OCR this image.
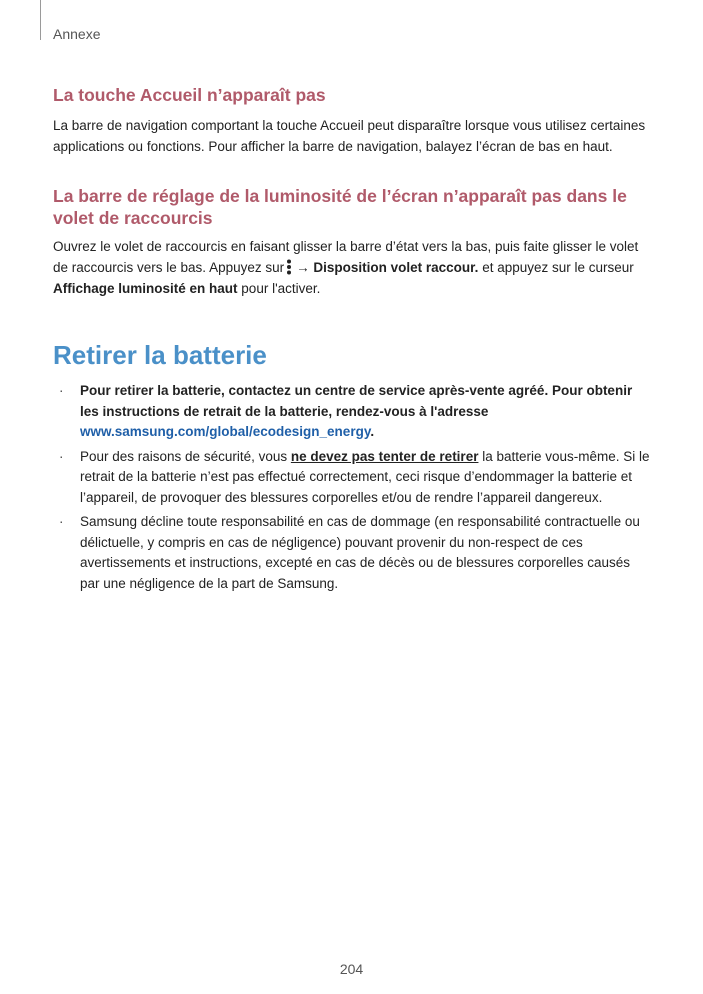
Annexe
La touche Accueil n’apparaît pas

La barre de navigation comportant la touche Accueil peut disparaître lorsque vous utilisez certaines applications ou fonctions. Pour afficher la barre de navigation, balayez l’écran de bas en haut.

La barre de réglage de la luminosité de l’écran n’apparaît pas dans le volet de raccourcis

Ouvrez le volet de raccourcis en faisant glisser la barre d’état vers la bas, puis faite glisser le volet de raccourcis vers le bas. Appuyez sur → Disposition volet raccour. et appuyez sur le curseur Affichage luminosité en haut pour l'activer.

Retirer la batterie
· Pour retirer la batterie, contactez un centre de service après-vente agréé. Pour obtenir les instructions de retrait de la batterie, rendez-vous à l'adresse www.samsung.com/global/ecodesign_energy.
· Pour des raisons de sécurité, vous ne devez pas tenter de retirer la batterie vous-même. Si le retrait de la batterie n’est pas effectué correctement, ceci risque d’endommager la batterie et l’appareil, de provoquer des blessures corporelles et/ou de rendre l’appareil dangereux.
· Samsung décline toute responsabilité en cas de dommage (en responsabilité contractuelle ou délictuelle, y compris en cas de négligence) pouvant provenir du non-respect de ces avertissements et instructions, excepté en cas de décès ou de blessures corporelles causés par une négligence de la part de Samsung.
204
